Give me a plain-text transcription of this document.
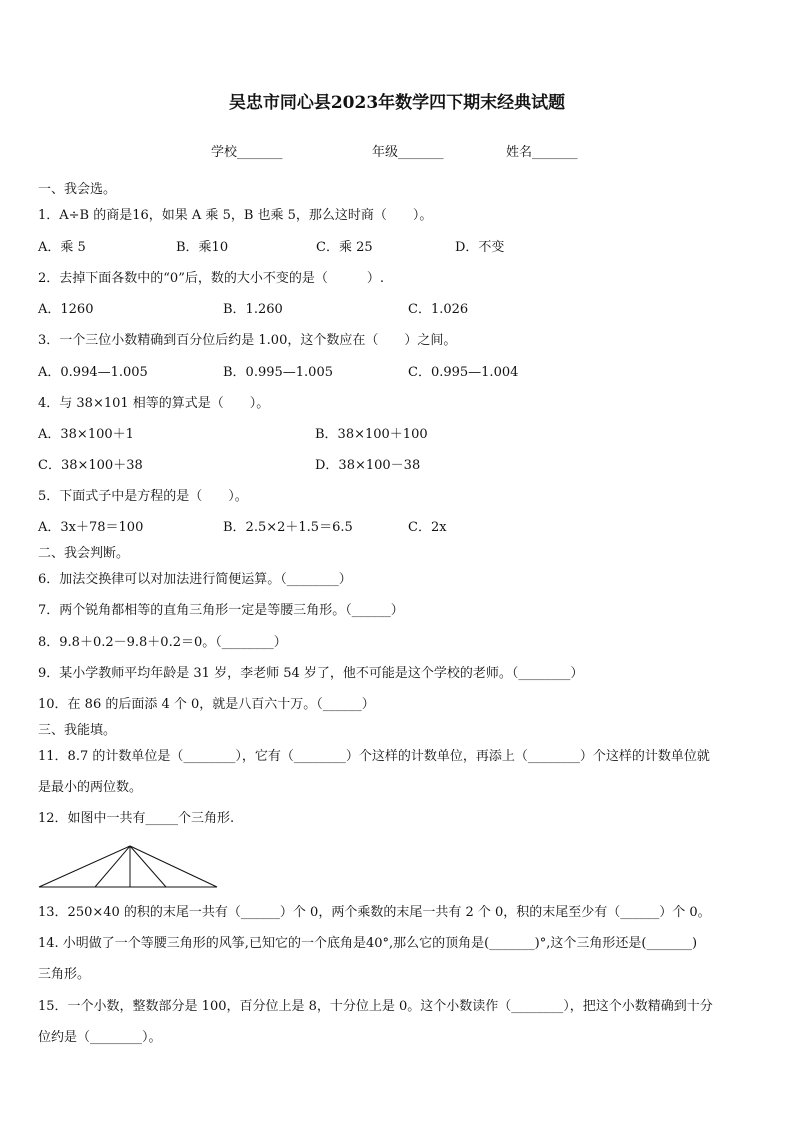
吴忠市同心县2023年数学四下期末经典试题
学校_______	年级_______	姓名_______
一、我会选。
1．A÷B 的商是16，如果 A 乘 5，B 也乘 5，那么这时商（　　）。
A．乘 5	B．乘10	C．乘 25	D．不变
2．去掉下面各数中的“0”后，数的大小不变的是（　　　）.
A．1260	B．1.260	C．1.026
3．一个三位小数精确到百分位后约是 1.00，这个数应在（　　）之间。
A．0.994—1.005	B．0.995—1.005	C．0.995—1.004
4．与 38×101 相等的算式是（　　）。
A．38×100＋1	B．38×100＋100
C．38×100＋38	D．38×100－38
5．下面式子中是方程的是（　　）。
A．3x＋78＝100	B．2.5×2＋1.5＝6.5	C．2x
二、我会判断。
6．加法交换律可以对加法进行简便运算。（________）
7．两个锐角都相等的直角三角形一定是等腰三角形。（______）
8．9.8＋0.2－9.8＋0.2＝0。（________）
9．某小学教师平均年龄是 31 岁，李老师 54 岁了，他不可能是这个学校的老师。（________）
10．在 86 的后面添 4 个 0，就是八百六十万。（______）
三、我能填。
11．8.7 的计数单位是（________），它有（________）个这样的计数单位，再添上（________）个这样的计数单位就
是最小的两位数。
12．如图中一共有_____个三角形.
13．250×40 的积的末尾一共有（______）个 0，两个乘数的末尾一共有 2 个 0，积的末尾至少有（______）个 0。
14. 小明做了一个等腰三角形的风筝,已知它的一个底角是40°,那么它的顶角是(_______)°,这个三角形还是(_______)
三角形。
15．一个小数，整数部分是 100，百分位上是 8，十分位上是 0。这个小数读作（________），把这个小数精确到十分
位约是（________）。
